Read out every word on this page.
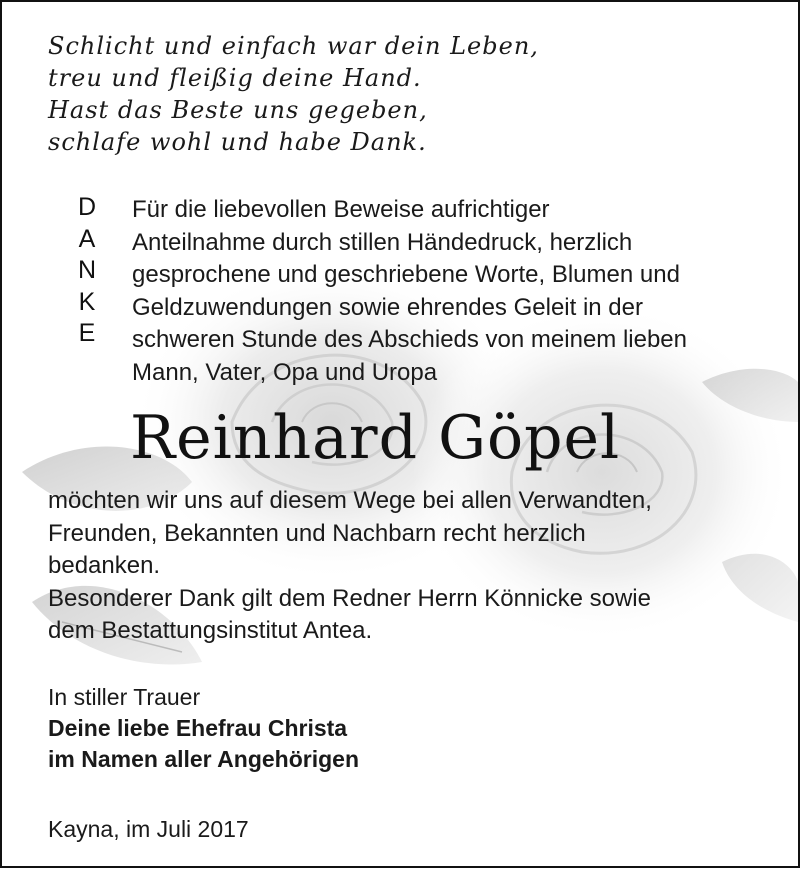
Schlicht und einfach war dein Leben,
treu und fleißig deine Hand.
Hast das Beste uns gegeben,
schlafe wohl und habe Dank.
D
A
N
K
E
Für die liebevollen Beweise aufrichtiger
Anteilnahme durch stillen Händedruck, herzlich
gesprochene und geschriebene Worte, Blumen und
Geldzuwendungen sowie ehrendes Geleit in der
schweren Stunde des Abschieds von meinem lieben
Mann, Vater, Opa und Uropa
Reinhard Göpel
möchten wir uns auf diesem Wege bei allen Verwandten,
Freunden, Bekannten und Nachbarn recht herzlich
bedanken.
Besonderer Dank gilt dem Redner Herrn Könnicke sowie
dem Bestattungsinstitut Antea.
In stiller Trauer
Deine liebe Ehefrau Christa
im Namen aller Angehörigen
Kayna, im Juli 2017
